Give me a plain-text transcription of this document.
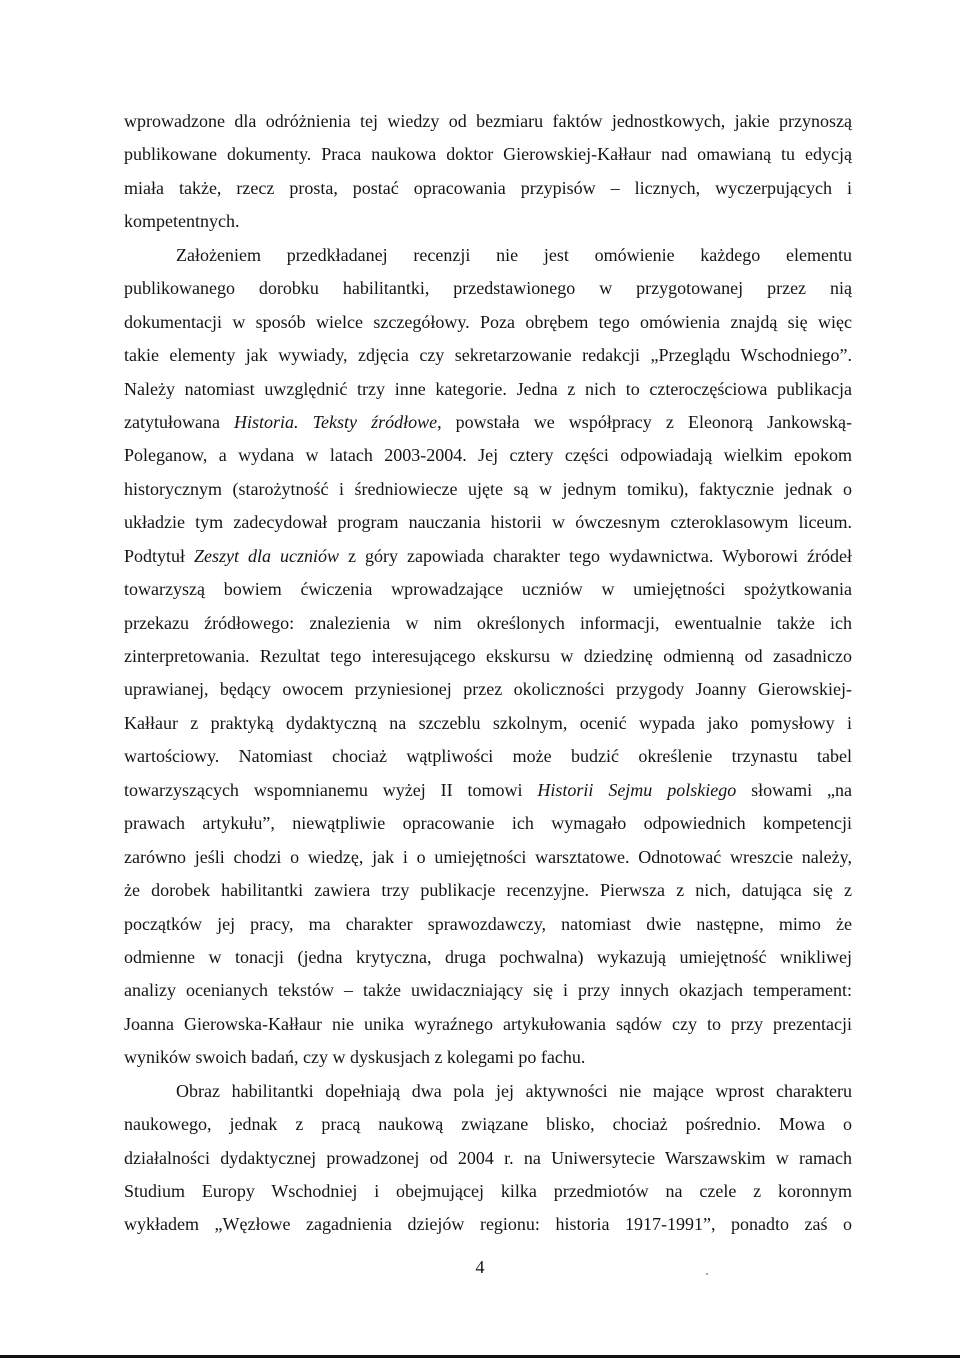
wprowadzone dla odróżnienia tej wiedzy od bezmiaru faktów jednostkowych, jakie przynoszą
publikowane dokumenty. Praca naukowa doktor Gierowskiej-Kałłaur nad omawianą tu edycją
miała także, rzecz prosta, postać opracowania przypisów – licznych, wyczerpujących i
kompetentnych.
Założeniem przedkładanej recenzji nie jest omówienie każdego elementu
publikowanego dorobku habilitantki, przedstawionego w przygotowanej przez nią
dokumentacji w sposób wielce szczegółowy. Poza obrębem tego omówienia znajdą się więc
takie elementy jak wywiady, zdjęcia czy sekretarzowanie redakcji „Przeglądu Wschodniego”.
Należy natomiast uwzględnić trzy inne kategorie. Jedna z nich to czteroczęściowa publikacja
zatytułowana Historia. Teksty źródłowe, powstała we współpracy z Eleonorą Jankowską-
Poleganow, a wydana w latach 2003-2004. Jej cztery części odpowiadają wielkim epokom
historycznym (starożytność i średniowiecze ujęte są w jednym tomiku), faktycznie jednak o
układzie tym zadecydował program nauczania historii w ówczesnym czteroklasowym liceum.
Podtytuł Zeszyt dla uczniów z góry zapowiada charakter tego wydawnictwa. Wyborowi źródeł
towarzyszą bowiem ćwiczenia wprowadzające uczniów w umiejętności spożytkowania
przekazu źródłowego: znalezienia w nim określonych informacji, ewentualnie także ich
zinterpretowania. Rezultat tego interesującego ekskursu w dziedzinę odmienną od zasadniczo
uprawianej, będący owocem przyniesionej przez okoliczności przygody Joanny Gierowskiej-
Kałłaur z praktyką dydaktyczną na szczeblu szkolnym, ocenić wypada jako pomysłowy i
wartościowy. Natomiast chociaż wątpliwości może budzić określenie trzynastu tabel
towarzyszących wspomnianemu wyżej II tomowi Historii Sejmu polskiego słowami „na
prawach artykułu”, niewątpliwie opracowanie ich wymagało odpowiednich kompetencji
zarówno jeśli chodzi o wiedzę, jak i o umiejętności warsztatowe. Odnotować wreszcie należy,
że dorobek habilitantki zawiera trzy publikacje recenzyjne. Pierwsza z nich, datująca się z
początków jej pracy, ma charakter sprawozdawczy, natomiast dwie następne, mimo że
odmienne w tonacji (jedna krytyczna, druga pochwalna) wykazują umiejętność wnikliwej
analizy ocenianych tekstów – także uwidaczniający się i przy innych okazjach temperament:
Joanna Gierowska-Kałłaur nie unika wyraźnego artykułowania sądów czy to przy prezentacji
wyników swoich badań, czy w dyskusjach z kolegami po fachu.
Obraz habilitantki dopełniają dwa pola jej aktywności nie mające wprost charakteru
naukowego, jednak z pracą naukową związane blisko, chociaż pośrednio. Mowa o
działalności dydaktycznej prowadzonej od 2004 r. na Uniwersytecie Warszawskim w ramach
Studium Europy Wschodniej i obejmującej kilka przedmiotów na czele z koronnym
wykładem „Węzłowe zagadnienia dziejów regionu: historia 1917-1991”, ponadto zaś o
4
